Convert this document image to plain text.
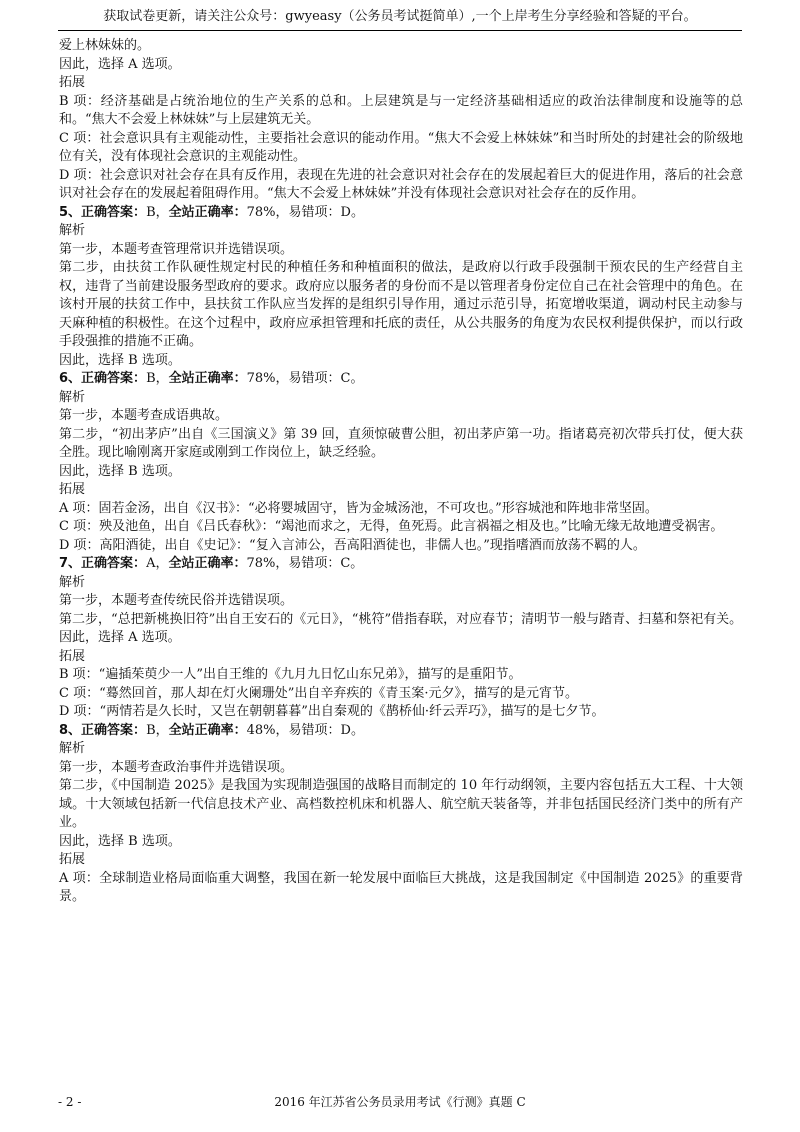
获取试卷更新，请关注公众号：gwyeasy（公务员考试挺简单）,一个上岸考生分享经验和答疑的平台。

爱上林妹妹的。

因此，选择 A 选项。

拓展

B 项：经济基础是占统治地位的生产关系的总和。上层建筑是与一定经济基础相适应的政治法律制度和设施等的总和。“焦大不会爱上林妹妹”与上层建筑无关。

C 项：社会意识具有主观能动性，主要指社会意识的能动作用。“焦大不会爱上林妹妹”和当时所处的封建社会的阶级地位有关，没有体现社会意识的主观能动性。

D 项：社会意识对社会存在具有反作用，表现在先进的社会意识对社会存在的发展起着巨大的促进作用，落后的社会意识对社会存在的发展起着阻碍作用。“焦大不会爱上林妹妹”并没有体现社会意识对社会存在的反作用。

5、正确答案：B，全站正确率：78%，易错项：D。

解析

第一步，本题考查管理常识并选错误项。

第二步，由扶贫工作队硬性规定村民的种植任务和种植面积的做法，是政府以行政手段强制干预农民的生产经营自主权，违背了当前建设服务型政府的要求。政府应以服务者的身份而不是以管理者身份定位自己在社会管理中的角色。在该村开展的扶贫工作中，县扶贫工作队应当发挥的是组织引导作用，通过示范引导，拓宽增收渠道，调动村民主动参与天麻种植的积极性。在这个过程中，政府应承担管理和托底的责任，从公共服务的角度为农民权利提供保护，而以行政手段强推的措施不正确。

因此，选择 B 选项。

6、正确答案：B，全站正确率：78%，易错项：C。

解析

第一步，本题考查成语典故。

第二步，“初出茅庐”出自《三国演义》第 39 回，直须惊破曹公胆，初出茅庐第一功。指诸葛亮初次带兵打仗，便大获全胜。现比喻刚离开家庭或刚到工作岗位上，缺乏经验。

因此，选择 B 选项。

拓展

A 项：固若金汤，出自《汉书》：“必将婴城固守，皆为金城汤池，不可攻也。”形容城池和阵地非常坚固。

C 项：殃及池鱼，出自《吕氏春秋》：“竭池而求之，无得，鱼死焉。此言祸福之相及也。”比喻无缘无故地遭受祸害。

D 项：高阳酒徒，出自《史记》：“复入言沛公，吾高阳酒徒也，非儒人也。”现指嗜酒而放荡不羁的人。

7、正确答案：A，全站正确率：78%，易错项：C。

解析

第一步，本题考查传统民俗并选错误项。

第二步，“总把新桃换旧符”出自王安石的《元日》，“桃符”借指春联，对应春节；清明节一般与踏青、扫墓和祭祀有关。

因此，选择 A 选项。

拓展

B 项：“遍插茱萸少一人”出自王维的《九月九日忆山东兄弟》，描写的是重阳节。

C 项：“蓦然回首，那人却在灯火阑珊处”出自辛弃疾的《青玉案·元夕》，描写的是元宵节。

D 项：“两情若是久长时，又岂在朝朝暮暮”出自秦观的《鹊桥仙·纤云弄巧》，描写的是七夕节。

8、正确答案：B，全站正确率：48%，易错项：D。

解析

第一步，本题考查政治事件并选错误项。

第二步，《中国制造 2025》是我国为实现制造强国的战略目而制定的 10 年行动纲领，主要内容包括五大工程、十大领域。十大领域包括新一代信息技术产业、高档数控机床和机器人、航空航天装备等，并非包括国民经济门类中的所有产业。

因此，选择 B 选项。

拓展

A 项：全球制造业格局面临重大调整，我国在新一轮发展中面临巨大挑战，这是我国制定《中国制造 2025》的重要背景。

- 2 -	2016 年江苏省公务员录用考试《行测》真题 C
